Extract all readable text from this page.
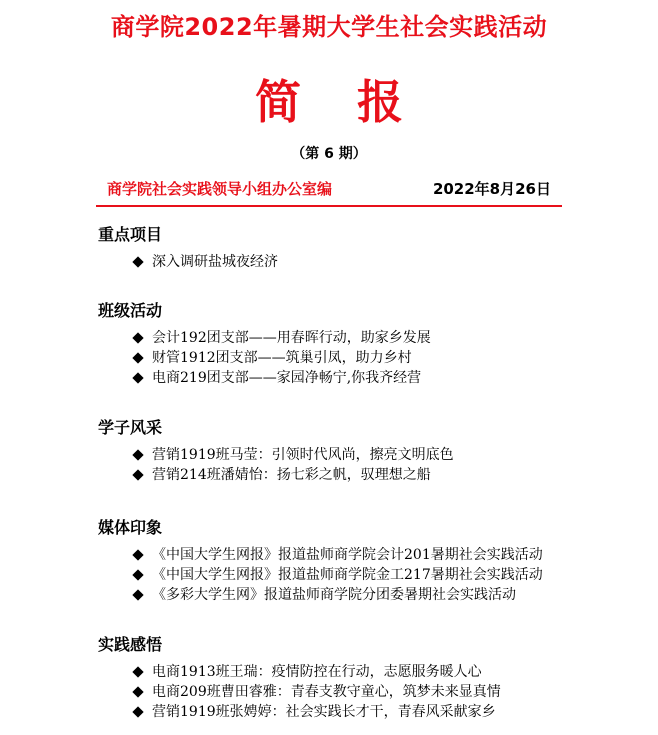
商学院2022年暑期大学生社会实践活动
简 报
（第 6 期）
商学院社会实践领导小组办公室编	2022年8月26日
重点项目
深入调研盐城夜经济
班级活动
会计192团支部——用春晖行动，助家乡发展
财管1912团支部——筑巢引凤，助力乡村
电商219团支部——家园净畅宁,你我齐经营
学子风采
营销1919班马莹：引领时代风尚，擦亮文明底色
营销214班潘婧怡：扬七彩之帆，驭理想之船
媒体印象
《中国大学生网报》报道盐师商学院会计201暑期社会实践活动
《中国大学生网报》报道盐师商学院金工217暑期社会实践活动
《多彩大学生网》报道盐师商学院分团委暑期社会实践活动
实践感悟
电商1913班王瑞：疫情防控在行动，志愿服务暖人心
电商209班曹田睿雅：青春支教守童心，筑梦未来显真情
营销1919班张娉婷：社会实践长才干，青春风采献家乡
